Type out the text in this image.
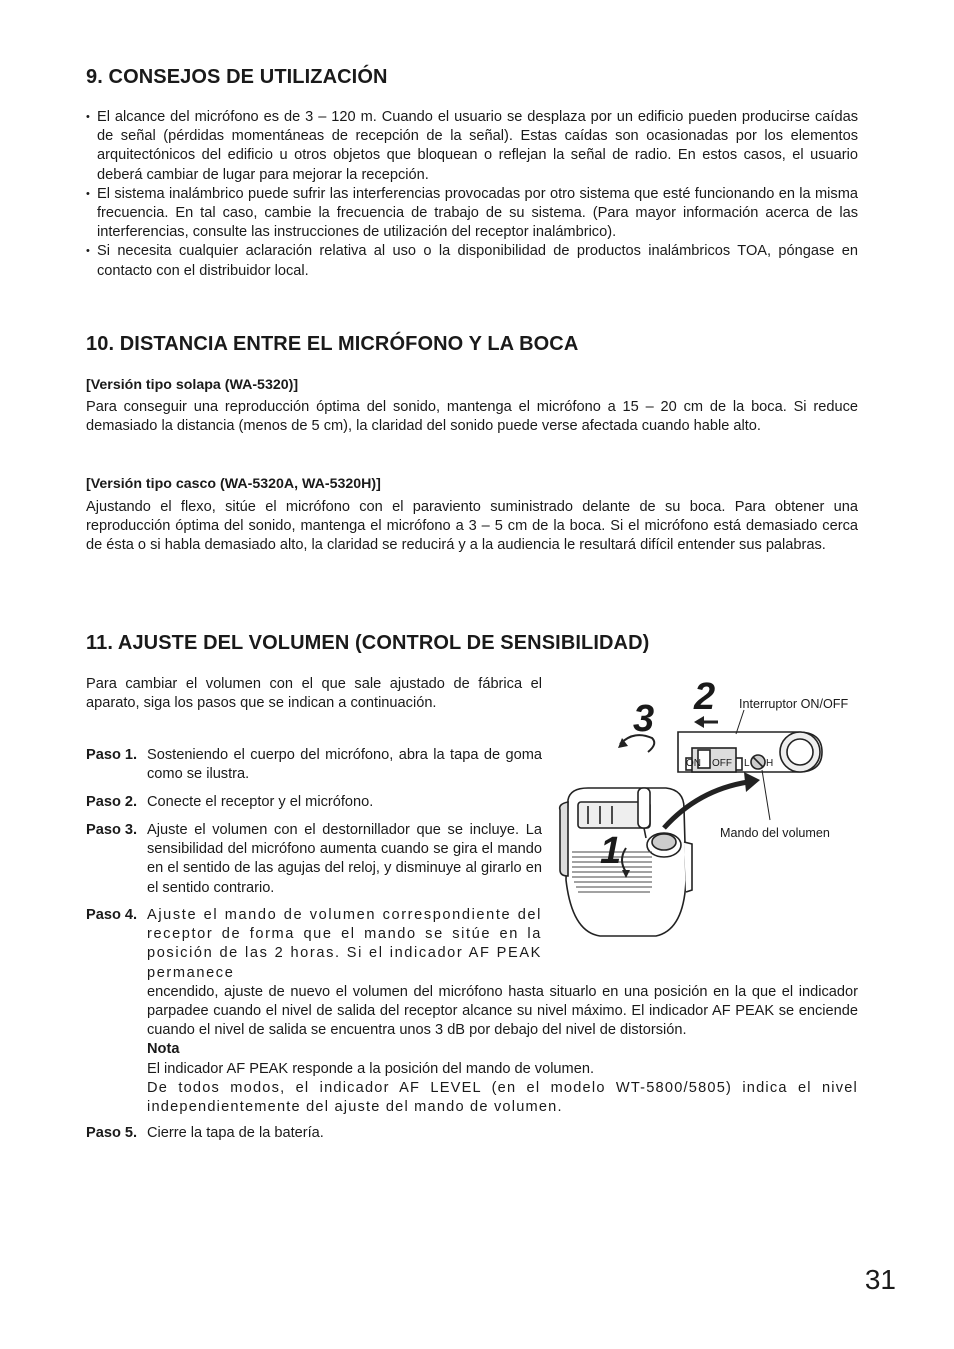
9. CONSEJOS DE UTILIZACIÓN
• El alcance del micrófono es de 3 – 120 m. Cuando el usuario se desplaza por un edificio pueden producirse caídas de señal (pérdidas momentáneas de recepción de la señal). Estas caídas son ocasionadas por los elementos arquitectónicos del edificio u otros objetos que bloquean o reflejan la señal de radio. En estos casos, el usuario deberá cambiar de lugar para mejorar la recepción.
• El sistema inalámbrico puede sufrir las interferencias provocadas por otro sistema que esté funcionando en la misma frecuencia. En tal caso, cambie la frecuencia de trabajo de su sistema. (Para mayor información acerca de las interferencias, consulte las instrucciones de utilización del receptor inalámbrico).
• Si necesita cualquier aclaración relativa al uso o la disponibilidad de productos inalámbricos TOA, póngase en contacto con el distribuidor local.
10. DISTANCIA ENTRE EL MICRÓFONO Y LA BOCA

[Versión tipo solapa (WA-5320)]

Para conseguir una reproducción óptima del sonido, mantenga el micrófono a 15 – 20 cm de la boca. Si reduce demasiado la distancia (menos de 5 cm), la claridad del sonido puede verse afectada cuando hable alto.

[Versión tipo casco (WA-5320A, WA-5320H)]

Ajustando el flexo, sitúe el micrófono con el paraviento suministrado delante de su boca. Para obtener una reproducción óptima del sonido, mantenga el micrófono a 3 – 5 cm de la boca. Si el micrófono está demasiado cerca de ésta o si habla demasiado alto, la claridad se reducirá y a la audiencia le resultará difícil entender sus palabras.

11. AJUSTE DEL VOLUMEN (CONTROL DE SENSIBILIDAD)

Para cambiar el volumen con el que sale ajustado de fábrica el aparato, siga los pasos que se indican a continuación.

Paso 1. Sosteniendo el cuerpo del micrófono, abra la tapa de goma como se ilustra.
Paso 2. Conecte el receptor y el micrófono.
Paso 3. Ajuste el volumen con el destornillador que se incluye. La sensibilidad del micrófono aumenta cuando se gira el mando en el sentido de las agujas del reloj, y disminuye al girarlo en el sentido contrario.
Paso 4. Ajuste el mando de volumen correspondiente del receptor de forma que el mando se sitúe en la posición de las 2 horas. Si el indicador AF PEAK permanece
encendido, ajuste de nuevo el volumen del micrófono hasta situarlo en una posición en la que el indicador parpadee cuando el nivel de salida del receptor alcance su nivel máximo. El indicador AF PEAK se enciende cuando el nivel de salida se encuentra unos 3 dB por debajo del nivel de distorsión.
Nota
El indicador AF PEAK responde a la posición del mando de volumen.
De todos modos, el indicador AF LEVEL (en el modelo WT-5800/5805) indica el nivel independientemente del ajuste del mando de volumen.
Paso 5. Cierre la tapa de la batería.
ON OFF L H
3
2
1
Interruptor ON/OFF
Mando del volumen
31
